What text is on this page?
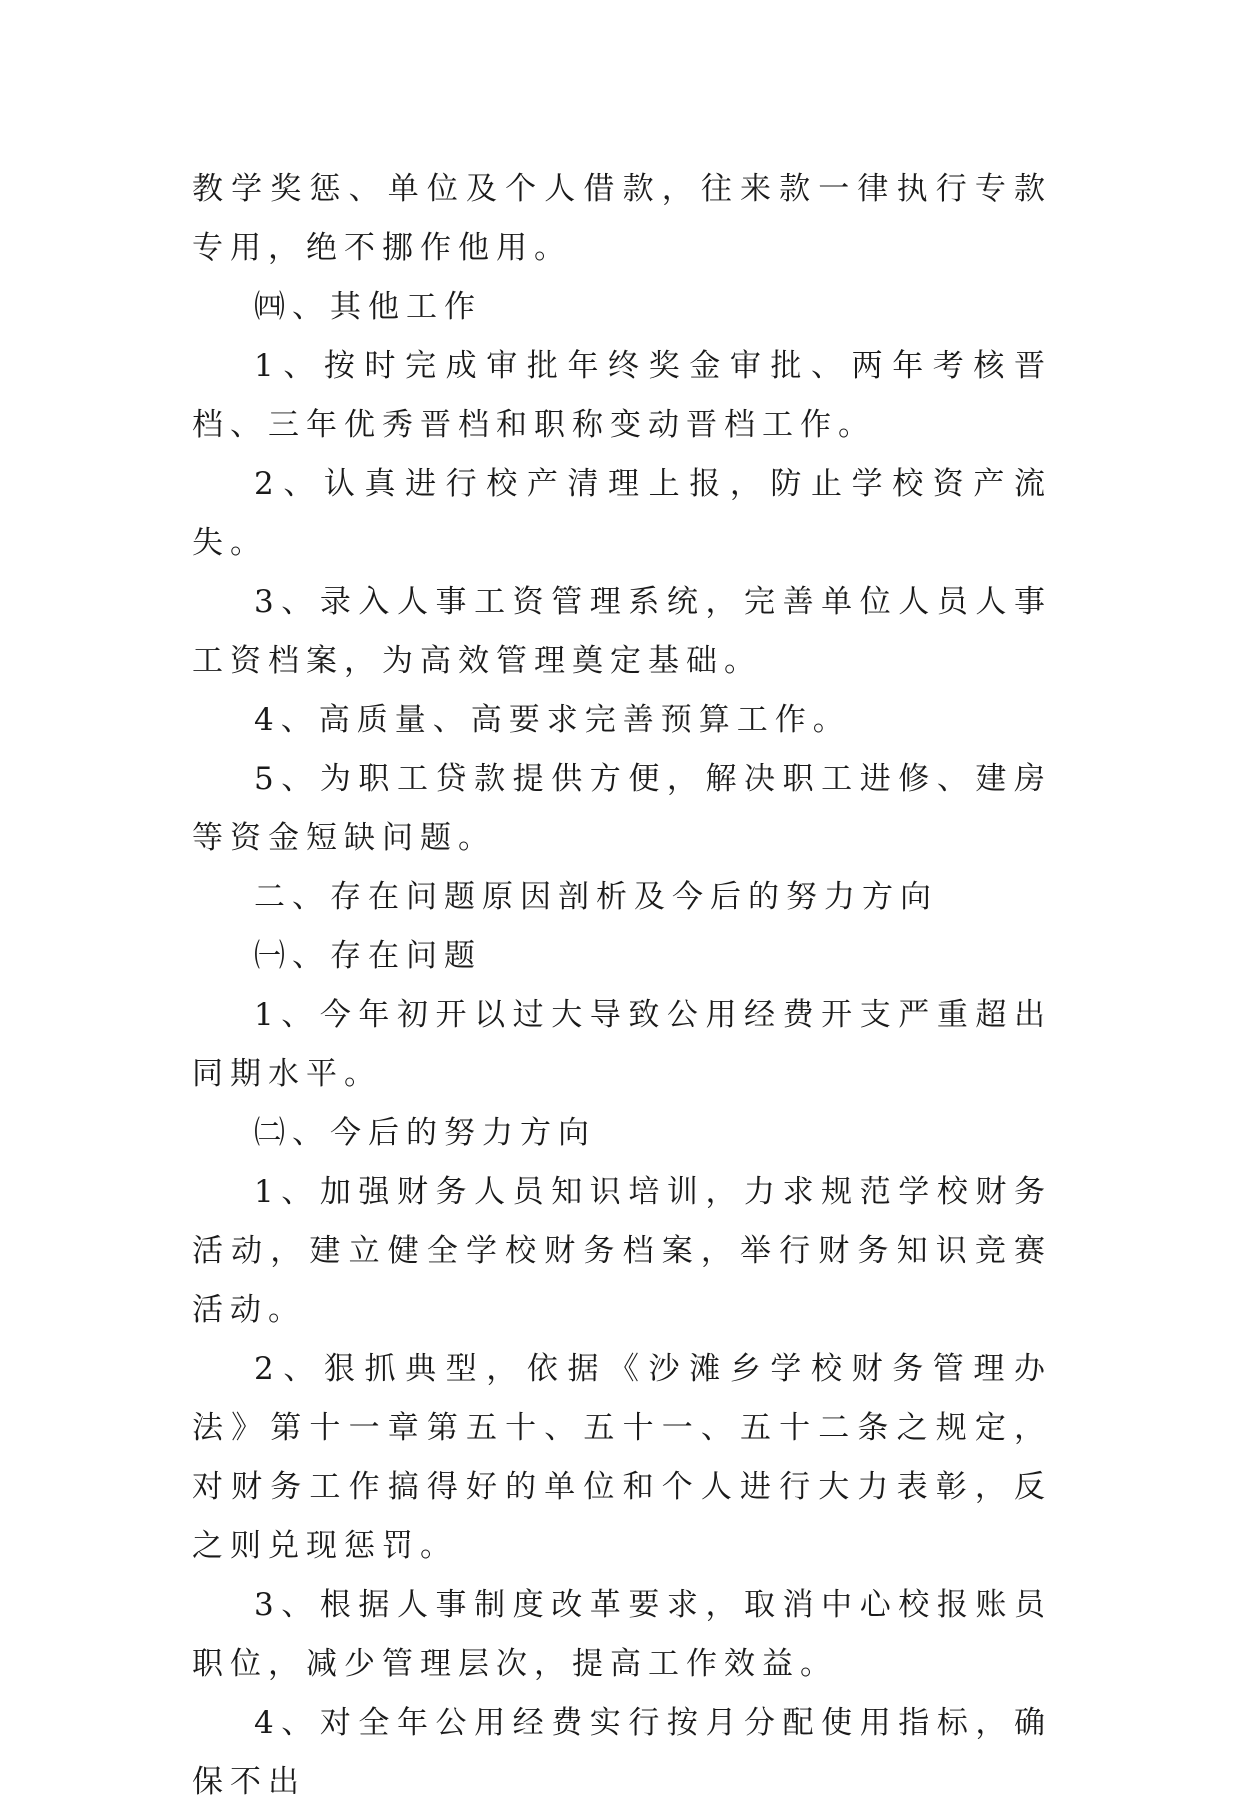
教学奖惩、单位及个人借款，往来款一律执行专款专用，绝不挪作他用。

㈣、其他工作

1、按时完成审批年终奖金审批、两年考核晋档、三年优秀晋档和职称变动晋档工作。

2、认真进行校产清理上报，防止学校资产流失。

3、录入人事工资管理系统，完善单位人员人事工资档案，为高效管理奠定基础。

4、高质量、高要求完善预算工作。

5、为职工贷款提供方便，解决职工进修、建房等资金短缺问题。

二、存在问题原因剖析及今后的努力方向

㈠、存在问题

1、今年初开以过大导致公用经费开支严重超出同期水平。

㈡、今后的努力方向

1、加强财务人员知识培训，力求规范学校财务活动，建立健全学校财务档案，举行财务知识竞赛活动。

2、狠抓典型，依据《沙滩乡学校财务管理办法》第十一章第五十、五十一、五十二条之规定，对财务工作搞得好的单位和个人进行大力表彰，反之则兑现惩罚。

3、根据人事制度改革要求，取消中心校报账员职位，减少管理层次，提高工作效益。

4、对全年公用经费实行按月分配使用指标，确保不出
